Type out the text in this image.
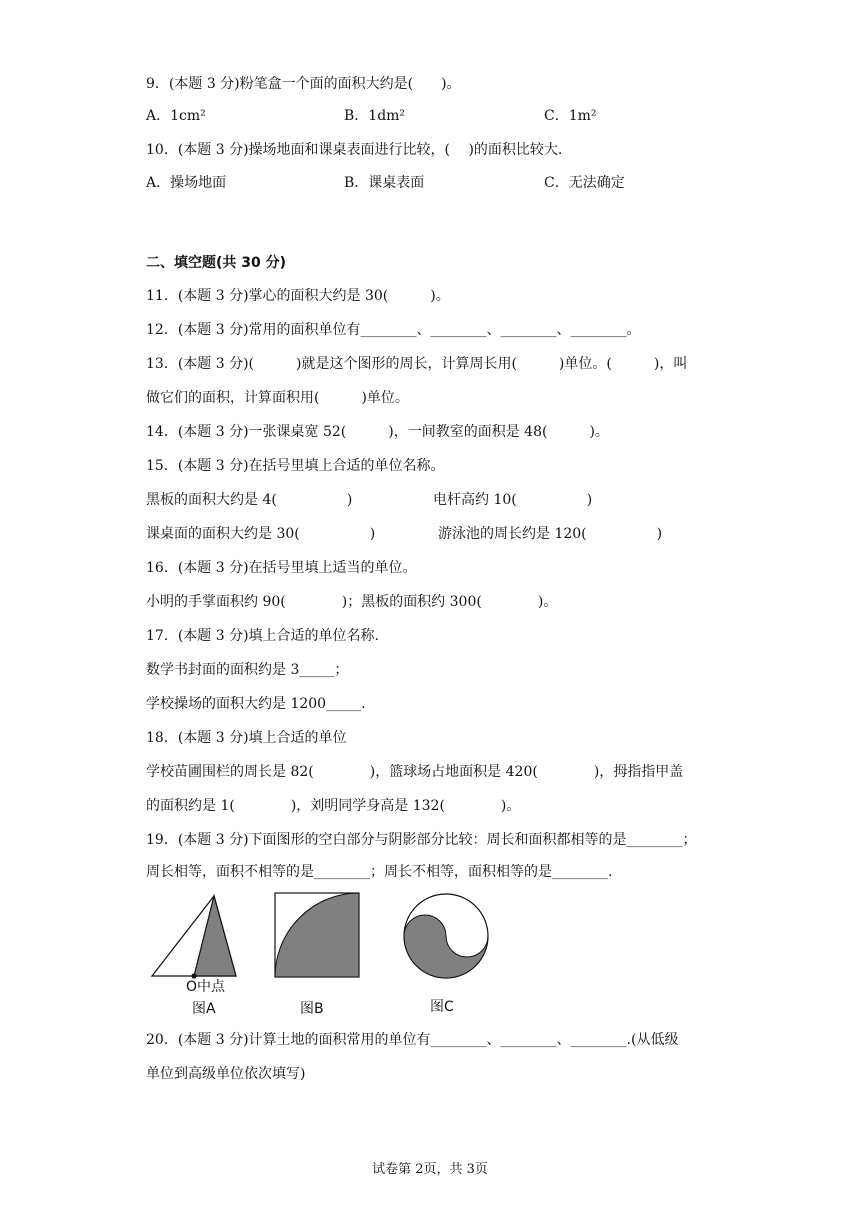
9．(本题 3 分)粉笔盒一个面的面积大约是(　　)。
A．1cm²	B．1dm²	C．1m²
10．(本题 3 分)操场地面和课桌表面进行比较，(　 )的面积比较大.
A．操场地面	B．课桌表面	C．无法确定
二、填空题(共 30 分)
11．(本题 3 分)掌心的面积大约是 30(　　　)。
12．(本题 3 分)常用的面积单位有________、________、________、________。
13．(本题 3 分)(　　　)就是这个图形的周长，计算周长用(　　　)单位。(　　　)，叫
做它们的面积，计算面积用(　　　)单位。
14．(本题 3 分)一张课桌宽 52(　　　)，一间教室的面积是 48(　　　)。
15．(本题 3 分)在括号里填上合适的单位名称。
黑板的面积大约是 4(　　　　　)	电杆高约 10(　　　　　)
课桌面的面积大约是 30(　　　　　)	游泳池的周长约是 120(　　　　　)
16．(本题 3 分)在括号里填上适当的单位。
小明的手掌面积约 90(　　　　)；黑板的面积约 300(　　　　)。
17．(本题 3 分)填上合适的单位名称.
数学书封面的面积约是 3_____；
学校操场的面积大约是 1200_____.
18．(本题 3 分)填上合适的单位
学校苗圃围栏的周长是 82(　　　　)，篮球场占地面积是 420(　　　　)，拇指指甲盖
的面积约是 1(　　　　)，刘明同学身高是 132(　　　　)。
19．(本题 3 分)下面图形的空白部分与阴影部分比较：周长和面积都相等的是________；
周长相等，面积不相等的是________；周长不相等，面积相等的是________.
O中点
图A	图B	图C
20．(本题 3 分)计算土地的面积常用的单位有________、________、________.(从低级
单位到高级单位依次填写)
试卷第 2页，共 3页
